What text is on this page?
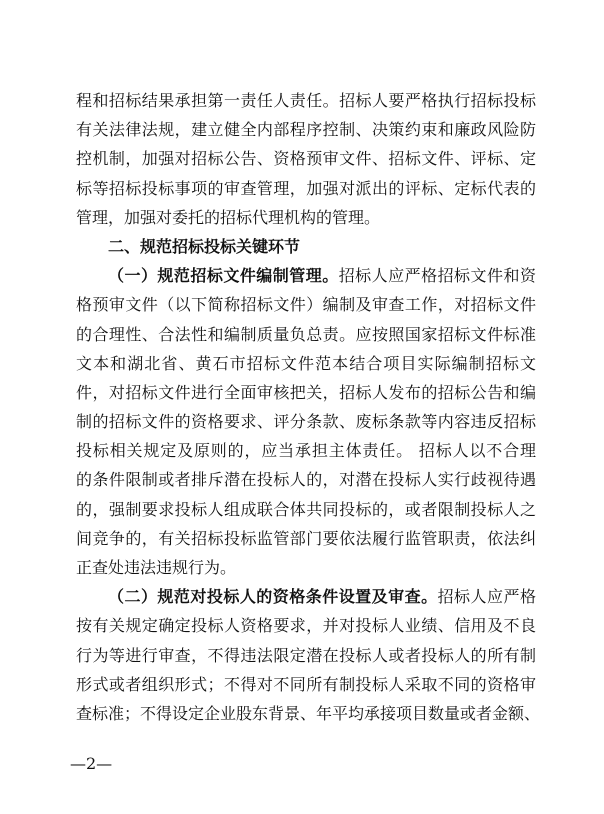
程和招标结果承担第一责任人责任。招标人要严格执行招标投标
有关法律法规，建立健全内部程序控制、决策约束和廉政风险防
控机制，加强对招标公告、资格预审文件、招标文件、评标、定
标等招标投标事项的审查管理，加强对派出的评标、定标代表的
管理，加强对委托的招标代理机构的管理。
二、规范招标投标关键环节
（一）规范招标文件编制管理。招标人应严格招标文件和资
格预审文件（以下简称招标文件）编制及审查工作，对招标文件
的合理性、合法性和编制质量负总责。应按照国家招标文件标准
文本和湖北省、黄石市招标文件范本结合项目实际编制招标文
件，对招标文件进行全面审核把关，招标人发布的招标公告和编
制的招标文件的资格要求、评分条款、废标条款等内容违反招标
投标相关规定及原则的，应当承担主体责任。 招标人以不合理
的条件限制或者排斥潜在投标人的，对潜在投标人实行歧视待遇
的，强制要求投标人组成联合体共同投标的，或者限制投标人之
间竞争的，有关招标投标监管部门要依法履行监管职责，依法纠
正查处违法违规行为。
（二）规范对投标人的资格条件设置及审查。招标人应严格
按有关规定确定投标人资格要求，并对投标人业绩、信用及不良
行为等进行审查，不得违法限定潜在投标人或者投标人的所有制
形式或者组织形式；不得对不同所有制投标人采取不同的资格审
查标准；不得设定企业股东背景、年平均承接项目数量或者金额、
—2—
